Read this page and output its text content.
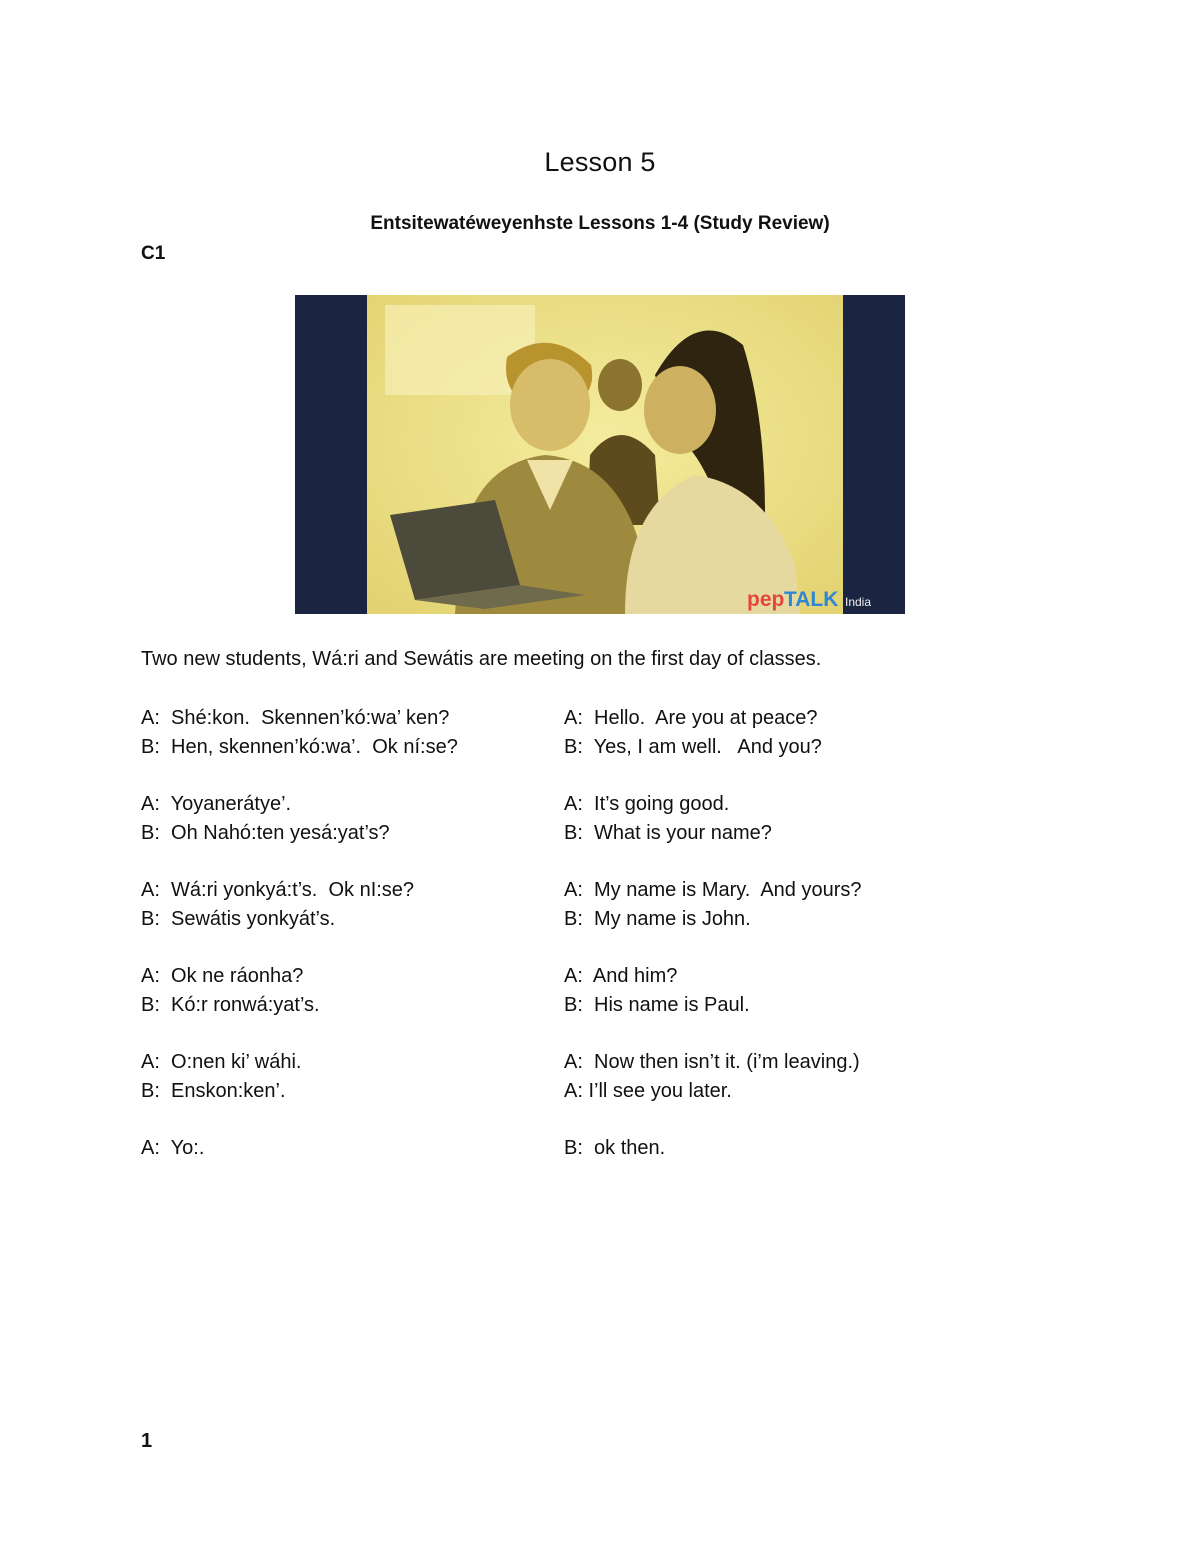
Lesson 5
Entsitewatéweyenhste Lessons 1-4 (Study Review)
C1
pep TALK India
Two new students, Wá:ri and Sewátis are meeting on the first day of classes.
A:  Shé:kon.  Skennen’kó:wa’ ken?
B:  Hen, skennen’kó:wa’.  Ok ní:se?
A:  Yoyanerátye’.
B:  Oh Nahó:ten yesá:yat’s?
A:  Wá:ri yonkyá:t’s.  Ok nI:se?
B:  Sewátis yonkyát’s.
A:  Ok ne ráonha?
B:  Kó:r ronwá:yat’s.
A:  O:nen ki’ wáhi.
B:  Enskon:ken’.
A:  Yo:.
A:  Hello.  Are you at peace?
B:  Yes, I am well.   And you?
A:  It’s going good.
B:  What is your name?
A:  My name is Mary.  And yours?
B:  My name is John.
A:  And him?
B:  His name is Paul.
A:  Now then isn’t it. (i’m leaving.)
A: I’ll see you later.
B:  ok then.
1
